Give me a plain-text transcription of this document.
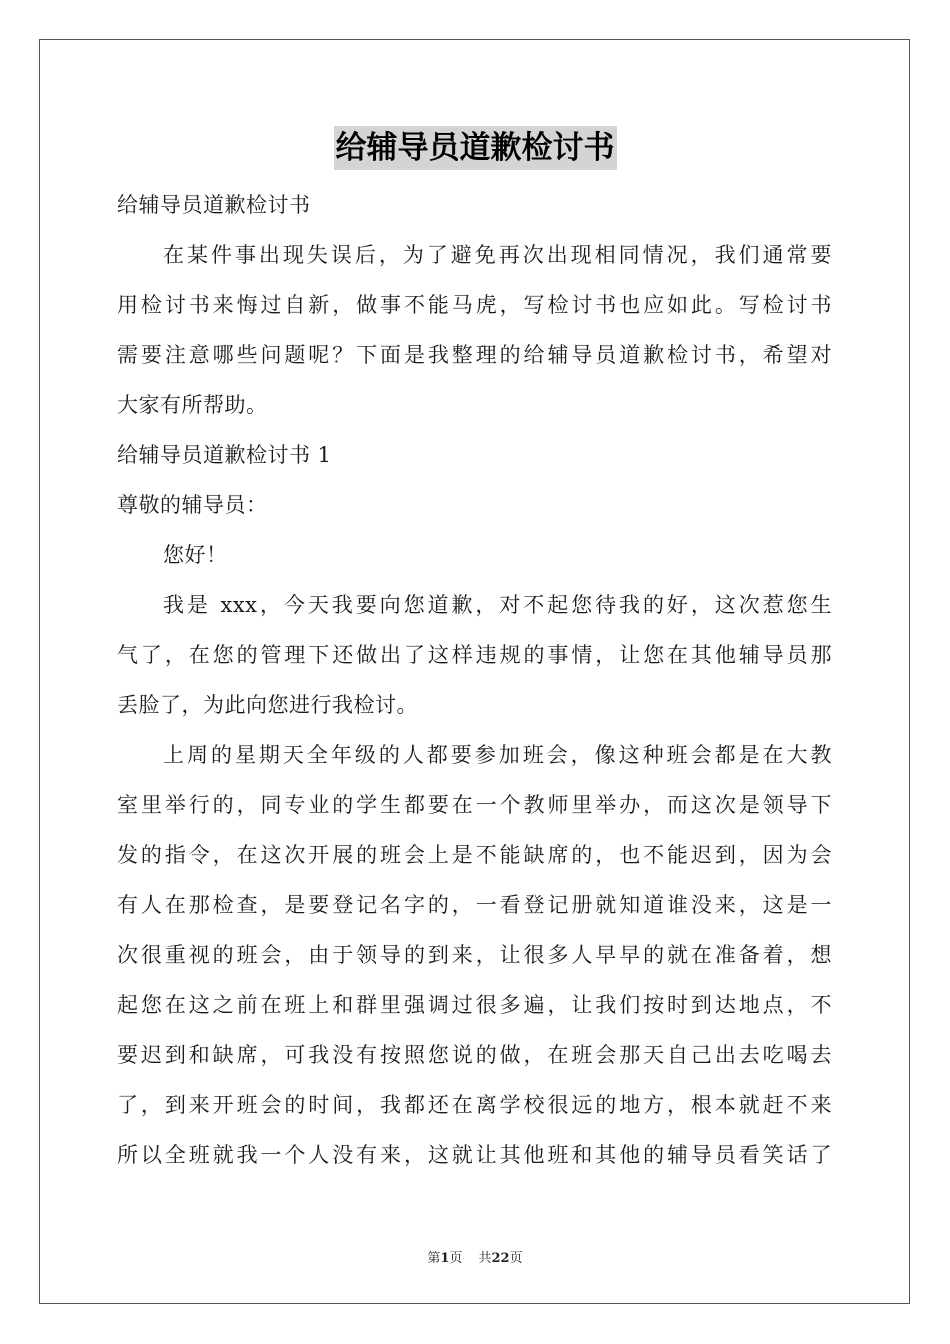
给辅导员道歉检讨书
给辅导员道歉检讨书
在某件事出现失误后，为了避免再次出现相同情况，我们通常要
用检讨书来悔过自新，做事不能马虎，写检讨书也应如此。写检讨书
需要注意哪些问题呢？下面是我整理的给辅导员道歉检讨书，希望对
大家有所帮助。
给辅导员道歉检讨书 1
尊敬的辅导员：
您好！
我是 xxx，今天我要向您道歉，对不起您待我的好，这次惹您生
气了，在您的管理下还做出了这样违规的事情，让您在其他辅导员那
丢脸了，为此向您进行我检讨。
上周的星期天全年级的人都要参加班会，像这种班会都是在大教
室里举行的，同专业的学生都要在一个教师里举办，而这次是领导下
发的指令，在这次开展的班会上是不能缺席的，也不能迟到，因为会
有人在那检查，是要登记名字的，一看登记册就知道谁没来，这是一
次很重视的班会，由于领导的到来，让很多人早早的就在准备着，想
起您在这之前在班上和群里强调过很多遍，让我们按时到达地点，不
要迟到和缺席，可我没有按照您说的做，在班会那天自己出去吃喝去
了，到来开班会的时间，我都还在离学校很远的地方，根本就赶不来
所以全班就我一个人没有来，这就让其他班和其他的辅导员看笑话了
第1页 共22页
